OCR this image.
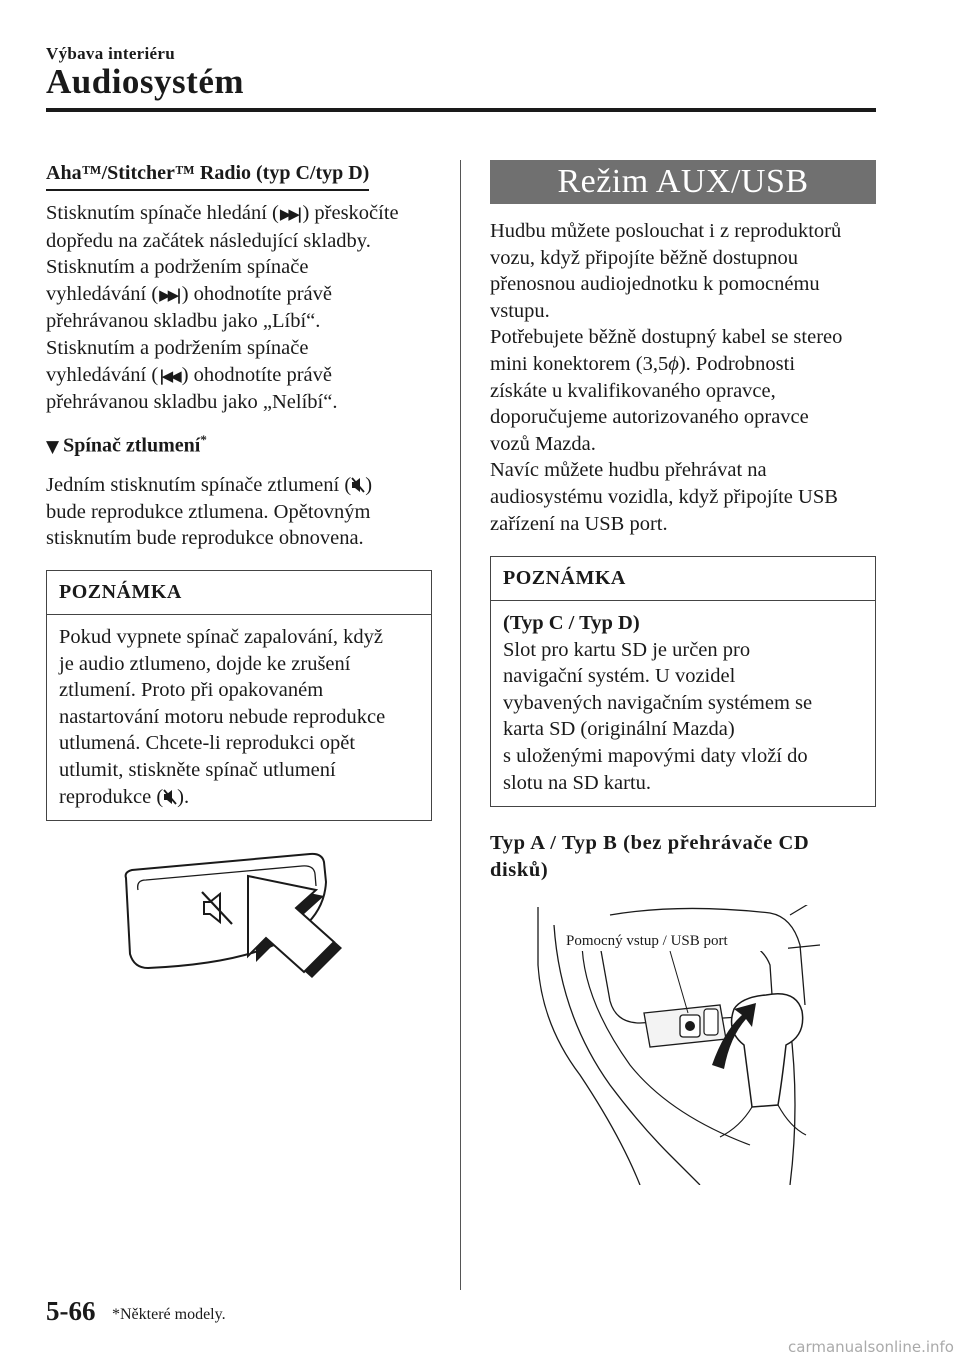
Výbava interiéru
Audiosystém
Aha™/Stitcher™ Radio (typ C/typ D)
Stisknutím spínače hledání (▶▶| ) přeskočíte
dopředu na začátek následující skladby.
Stisknutím a podržením spínače
vyhledávání (▶▶| ) ohodnotíte právě
přehrávanou skladbu jako „Líbí“.
Stisknutím a podržením spínače
vyhledávání (|◀◀ ) ohodnotíte právě
přehrávanou skladbu jako „Nelíbí“.
▼ Spínač ztlumení*
Jedním stisknutím spínače ztlumení ( )
bude reprodukce ztlumena. Opětovným
stisknutím bude reprodukce obnovena.
POZNÁMKA
Pokud vypnete spínač zapalování, když
je audio ztlumeno, dojde ke zrušení
ztlumení. Proto při opakovaném
nastartování motoru nebude reprodukce
utlumená. Chcete-li reprodukci opět
utlumit, stiskněte spínač utlumení
reprodukce ( ).
Režim AUX/USB
Hudbu můžete poslouchat i z reproduktorů
vozu, když připojíte běžně dostupnou
přenosnou audiojednotku k pomocnému
vstupu.
Potřebujete běžně dostupný kabel se stereo
mini konektorem (3,5ϕ). Podrobnosti
získáte u kvalifikovaného opravce,
doporučujeme autorizovaného opravce
vozů Mazda.
Navíc můžete hudbu přehrávat na
audiosystému vozidla, když připojíte USB
zařízení na USB port.
POZNÁMKA
(Typ C / Typ D)
Slot pro kartu SD je určen pro
navigační systém. U vozidel
vybavených navigačním systémem se
karta SD (originální Mazda)
s uloženými mapovými daty vloží do
slotu na SD kartu.
Typ A / Typ B (bez přehrávače CD
disků)
Pomocný vstup / USB port
5-66 *Některé modely.
carmanualsonline.info
